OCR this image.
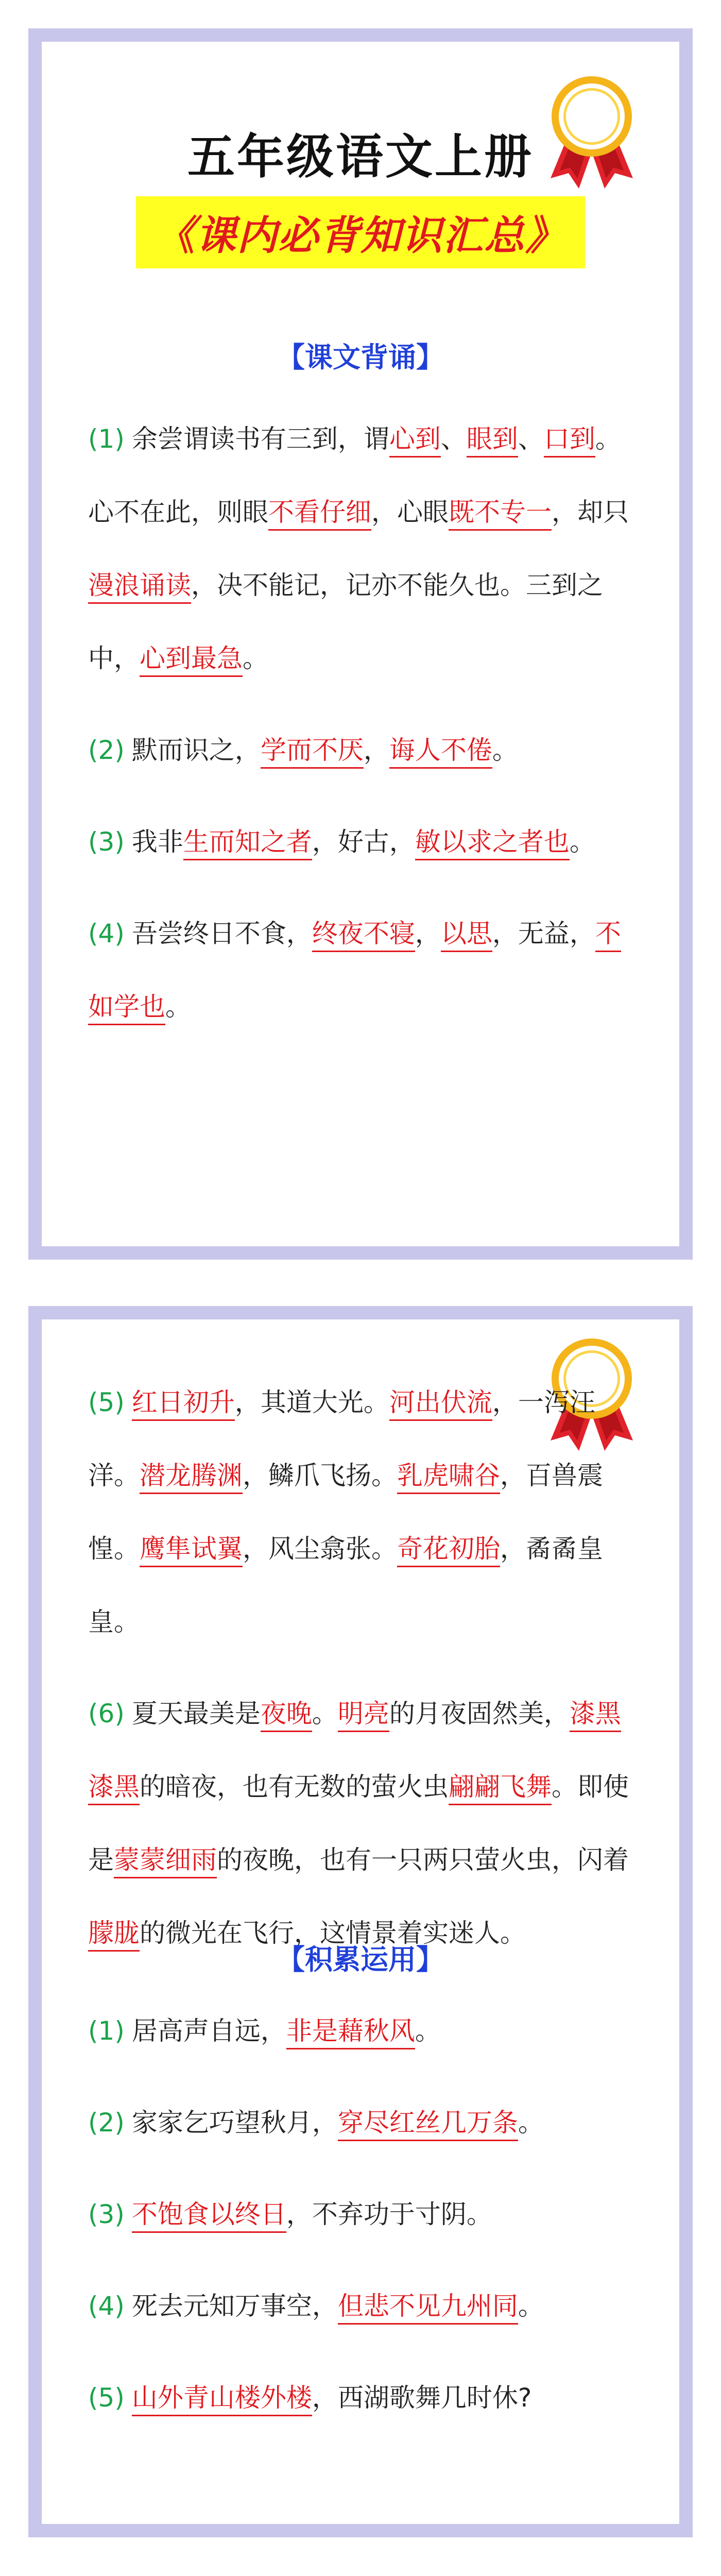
五年级语文上册
《课内必背知识汇总》
【课文背诵】
(1) 余尝谓读书有三到，谓心到、眼到、口到。心不在此，则眼不看仔细，心眼既不专一，却只漫浪诵读，决不能记，记亦不能久也。三到之中，心到最急。
(2) 默而识之，学而不厌，诲人不倦。
(3) 我非生而知之者，好古，敏以求之者也。
(4) 吾尝终日不食，终夜不寝，以思，无益，不如学也。
(5) 红日初升，其道大光。河出伏流，一泻汪洋。潜龙腾渊，鳞爪飞扬。乳虎啸谷，百兽震惶。鹰隼试翼，风尘翕张。奇花初胎，矞矞皇皇。
(6) 夏天最美是夜晚。明亮的月夜固然美，漆黑漆黑的暗夜，也有无数的萤火虫翩翩飞舞。即使是蒙蒙细雨的夜晚，也有一只两只萤火虫，闪着朦胧的微光在飞行，这情景着实迷人。
【积累运用】
(1) 居高声自远，非是藉秋风。
(2) 家家乞巧望秋月，穿尽红丝几万条。
(3) 不饱食以终日，不弃功于寸阴。
(4) 死去元知万事空，但悲不见九州同。
(5) 山外青山楼外楼，西湖歌舞几时休?
